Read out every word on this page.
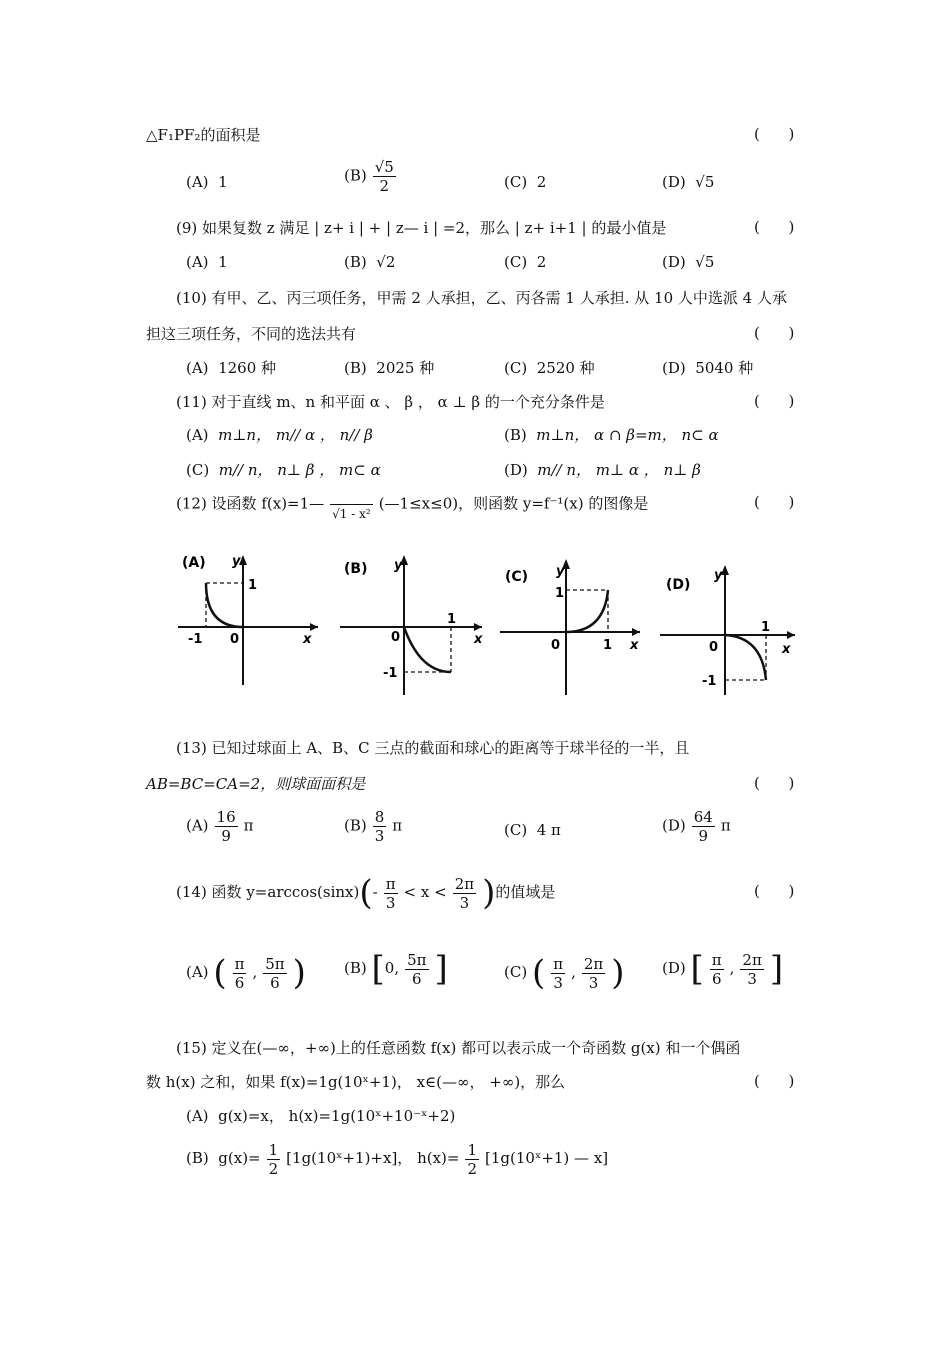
△F₁PF₂的面积是	(      )
(A) 1	$(B) \frac{√5}{2}$	(C) 2	(D) √5
(9) 如果复数 z 满足 | z+ i | + | z— i | =2，那么 | z+ i+1 | 的最小值是	(      )
(A) 1	(B) √2	(C) 2	(D) √5
(10) 有甲、乙、丙三项任务，甲需 2 人承担，乙、丙各需 1 人承担. 从 10 人中选派 4 人承
担这三项任务，不同的选法共有	(      )
(A) 1260 种	(B) 2025 种	(C) 2520 种	(D) 5040 种
(11) 对于直线 m、n 和平面 α 、 β ， α ⊥ β 的一个充分条件是	(      )
(A) m⊥n， m// α ， n// β	(B) m⊥n， α ∩ β=m， n⊂ α
(C) m// n， n⊥ β ， m⊂ α	(D) m// n， m⊥ α ， n⊥ β
(12) 设函数 f(x)=1—

√1 - x²
(—1≤x≤0)，则函数 y=f⁻¹(x) 的图像是	(      )
(A) y
x
0
1
-1
(B) y
x
0
1
-1
(C) y
x
0
1
1
(D)
y
x
0
1
-1
(13) 已知过球面上 A、B、C 三点的截面和球心的距离等于球半径的一半，且
AB=BC=CA=2，则球面面积是	(      )
$(A) \frac{16}{9}$ π	$(B) \frac{8}{3}$ π	(C) 4 π	$(D) \frac{64}{9}$ π
(14) 函数 $y=\arccos(\sin x)(- \frac{\pi}{3} < x < \frac{2\pi}{3}$ )的值域是	(      )
(A) ( $\frac{\pi}{6}$ , $\frac{5\pi}{6}$ )	(B) [0, $\frac{5\pi}{6}$ ]	(C) ( $\frac{\pi}{3}$ , $\frac{2\pi}{3}$ ) (D) [ $\frac{\pi}{6}$ , $\frac{2\pi}{3}$ ]
(15) 定义在(—∞，+∞)上的任意函数 f(x) 都可以表示成一个奇函数 g(x) 和一个偶函
数 h(x) 之和，如果 f(x)=1g(10ˣ+1)， x∈(—∞， +∞)，那么	(      )
(A) g(x)=x， h(x)=1g(10ˣ+10⁻ˣ+2)
(B) $g(x)= \frac{1}{2}$ [1g(10ˣ+1)+x]， $h(x)= \frac{1}{2}$ [1g(10ˣ+1) — x]
